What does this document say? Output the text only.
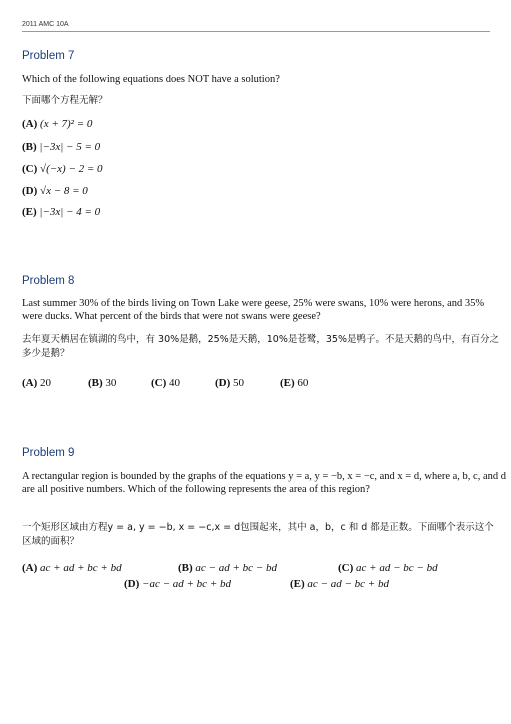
2011 AMC 10A
Problem 7
Which of the following equations does NOT have a solution?
下面哪个方程无解？
(A) (x + 7)² = 0
(B) |−3x| − 5 = 0
(C) √(−x) − 2 = 0
(D) √x − 8 = 0
(E) |−3x| − 4 = 0
Problem 8
Last summer 30% of the birds living on Town Lake were geese, 25% were swans, 10% were herons, and 35% were ducks. What percent of the birds that were not swans were geese?
去年夏天栖居在镇湖的鸟中，有 30%是鹅，25%是天鹅，10%是苍鹭，35%是鸭子。不是天鹅的鸟中，有百分之多少是鹅？
(A) 20	(B) 30	(C) 40	(D) 50	(E) 60
Problem 9
A rectangular region is bounded by the graphs of the equations y = a, y = −b, x = −c, and x = d, where a, b, c, and d are all positive numbers. Which of the following represents the area of this region?
一个矩形区域由方程y = a, y = −b, x = −c,x = d包围起来，其中 a，b，c 和 d 都是正数。下面哪个表示这个区域的面积？
(A) ac + ad + bc + bd	(B) ac − ad + bc − bd	(C) ac + ad − bc − bd
(D) −ac − ad + bc + bd	(E) ac − ad − bc + bd
